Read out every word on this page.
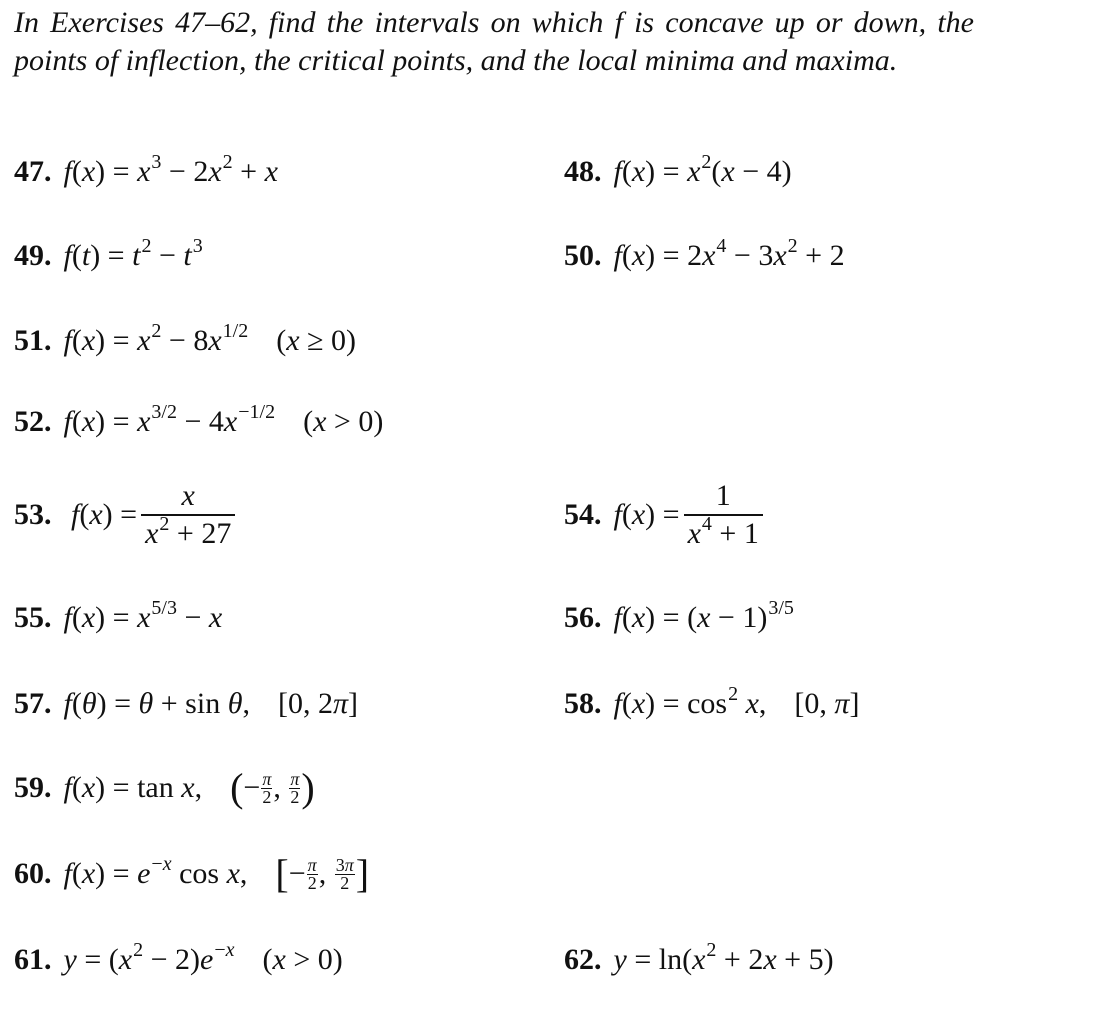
In Exercises 47–62, find the intervals on which f is concave up or down, the points of inflection, the critical points, and the local minima and maxima.
47. $f(x) = x^3 - 2x^2 + x$	48. $f(x) = x^2(x - 4)$
49. $f(t) = t^2 - t^3$	50. $f(x) = 2x^4 - 3x^2 + 2$
51. $f(x) = x^2 - 8x^{1/2}$ (x ≥ 0)
52. $f(x) = x^{3/2} - 4x^{-1/2}$ (x > 0)
53. $f(x) = \frac{x}{x^2 + 27}$	54. $f(x) = \frac{1}{x^4 + 1}$
55. $f(x) = x^{5/3} - x$	56. $f(x) = (x - 1)^{3/5}$
57. f(θ) = θ + sin θ, [0, 2π]	58. $f(x) = \cos^2 x$, [0, π]
59. f(x) = tan x, ( − $\frac{\pi}{2}$ , π
2 )
60. $f(x) = e^{-x}$ cos x, [ − $\frac{\pi}{2}$ , 3π
2 ]
61. $y = (x^2 - 2)e^{-x}$ (x > 0)	62. $y = \ln(x^2 + 2x + 5)$
